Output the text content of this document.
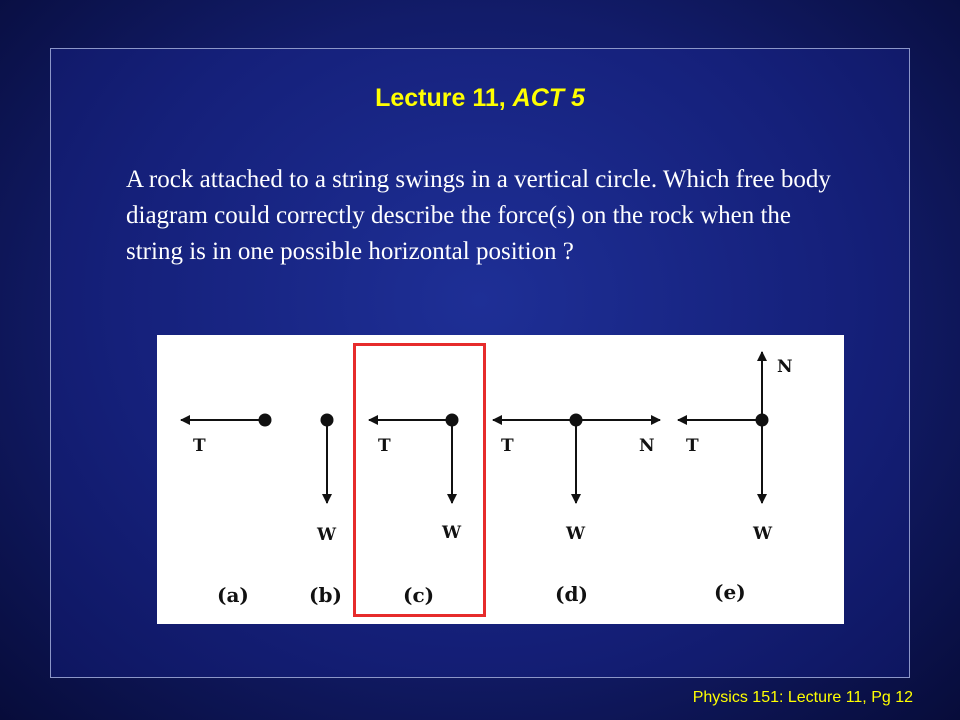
Lecture 11, ACT 5
A rock attached to a string swings in a vertical circle. Which free body diagram could correctly describe the force(s) on the rock when the string is in one possible horizontal position ?
T
(a)
W
(b)
T
W
(c)
T	N
W
(d)
T
N
W
(e)
Physics 151: Lecture 11, Pg 12
